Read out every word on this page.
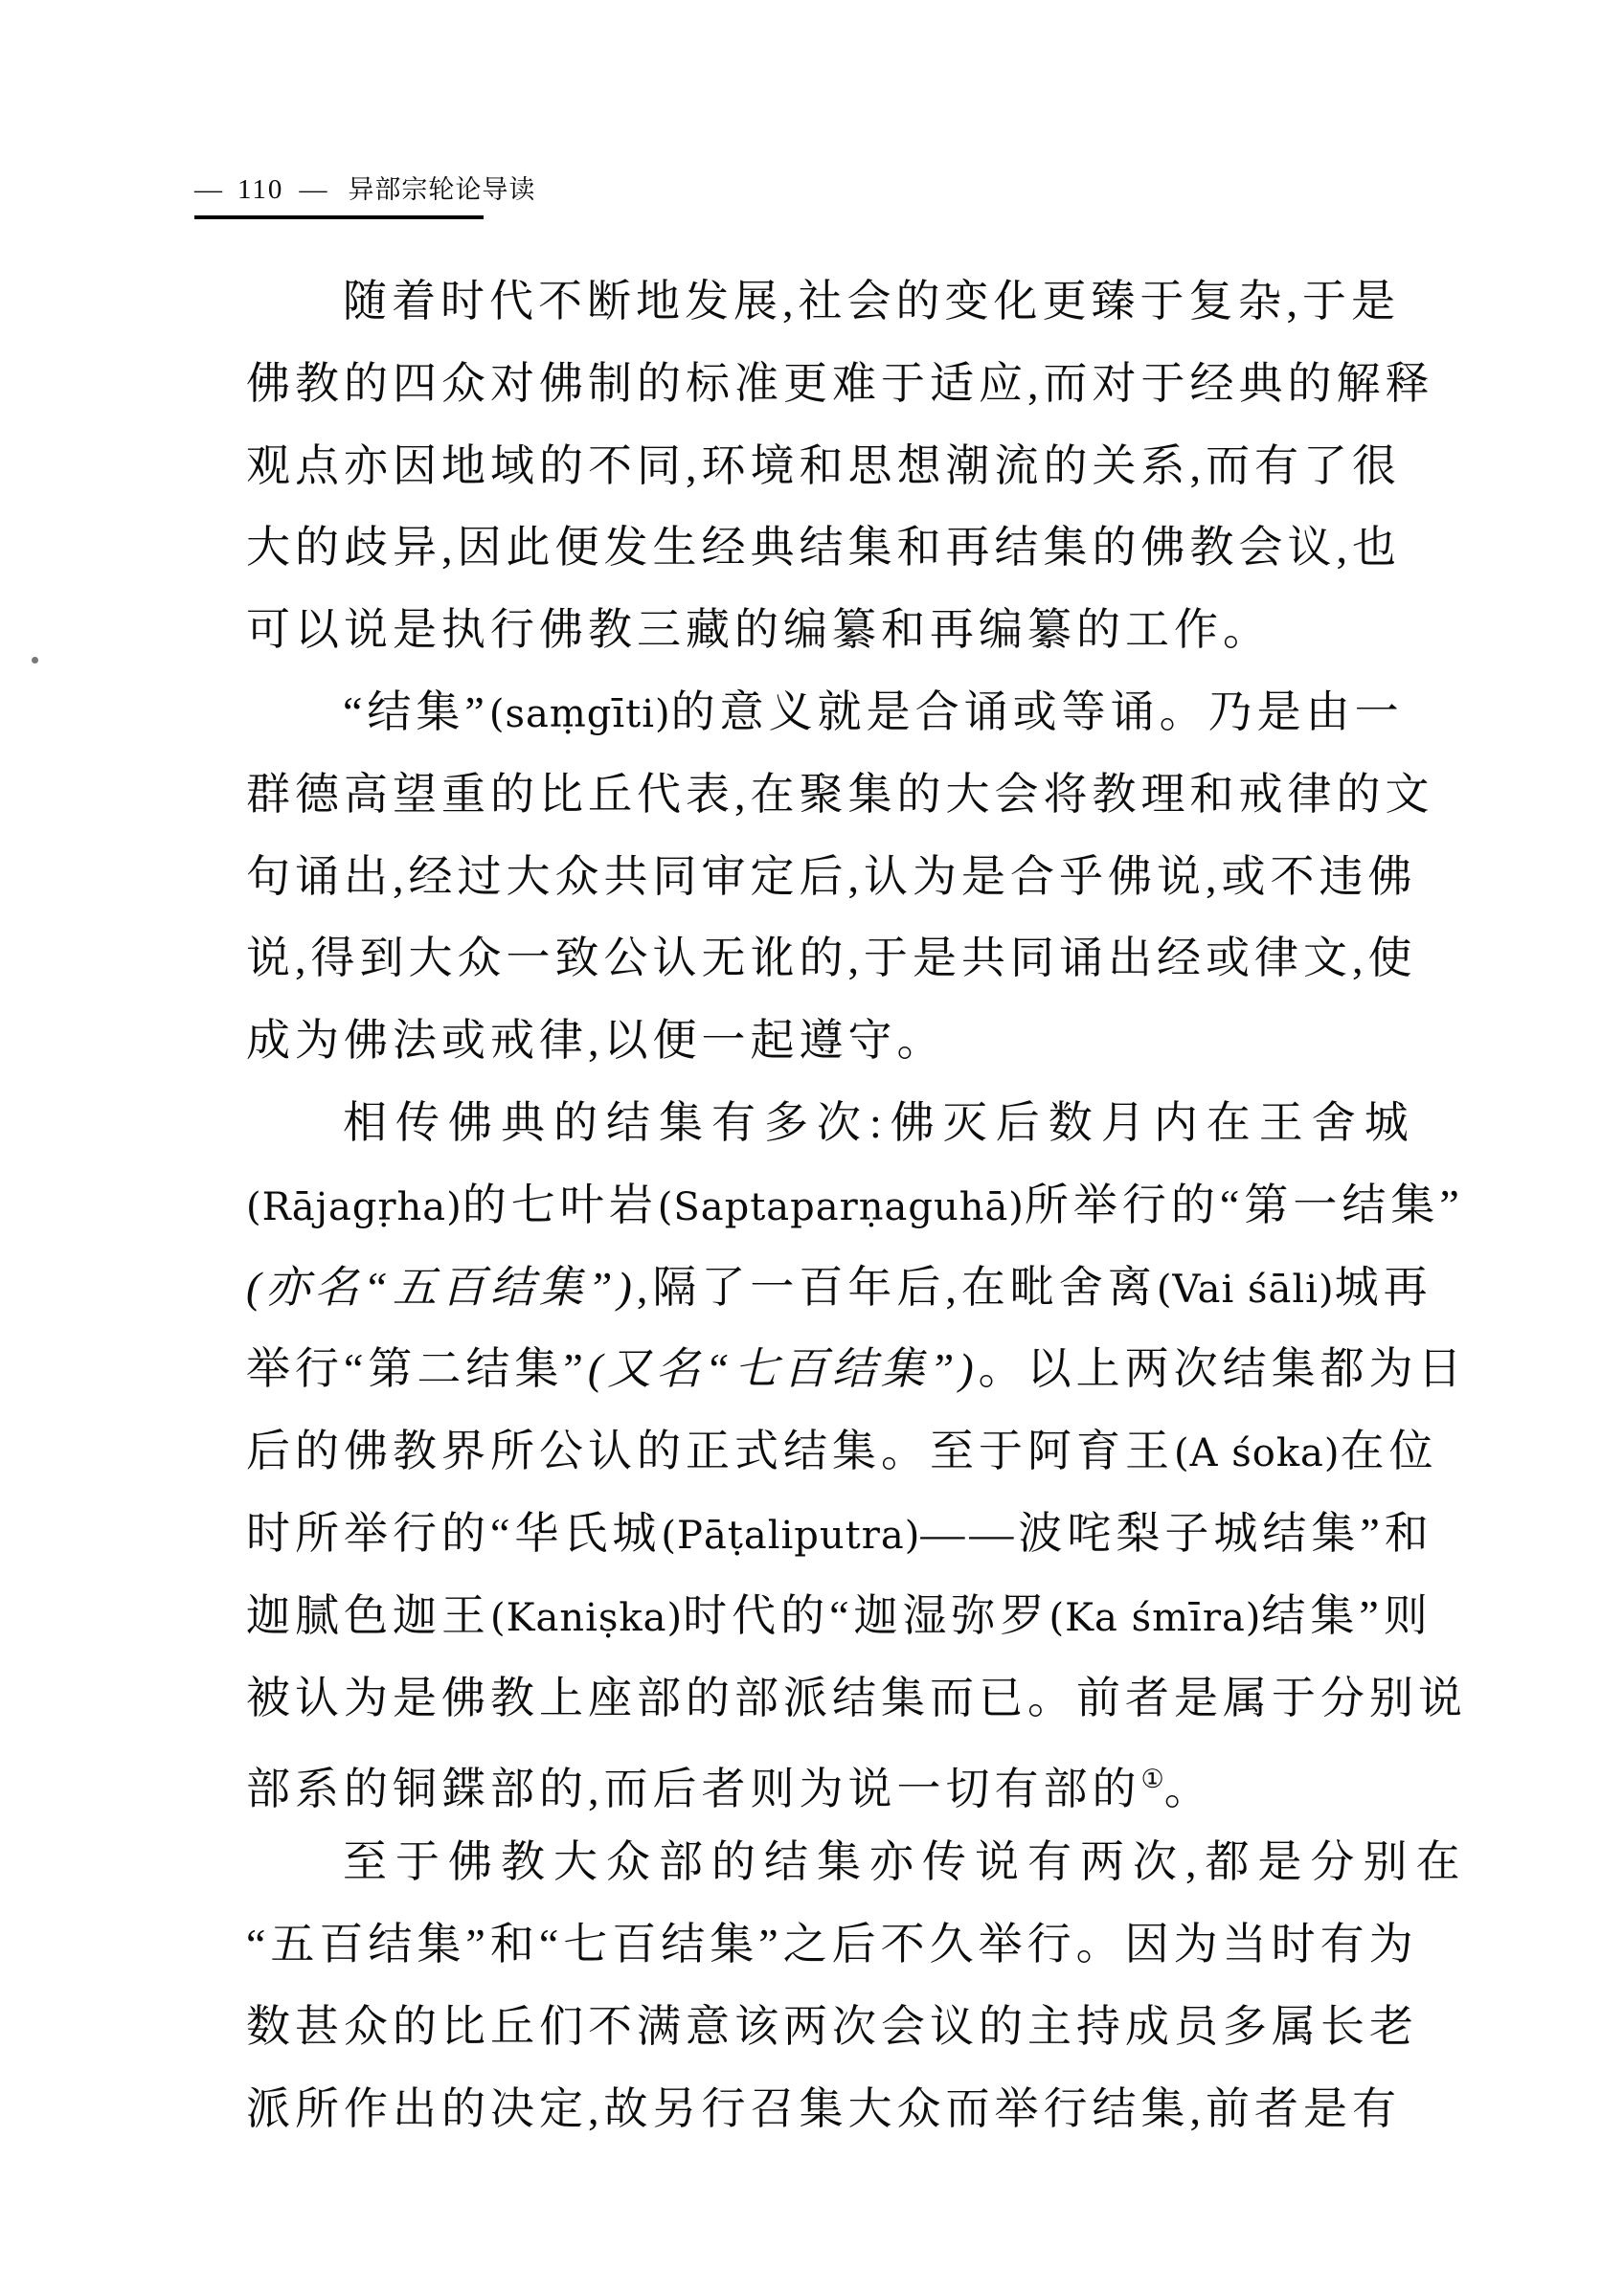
— 110 — 异部宗轮论导读
随着时代不断地发展,社会的变化更臻于复杂,于是
佛教的四众对佛制的标准更难于适应,而对于经典的解释
观点亦因地域的不同,环境和思想潮流的关系,而有了很
大的歧异,因此便发生经典结集和再结集的佛教会议,也
可以说是执行佛教三藏的编纂和再编纂的工作。
“结集”(saṃgīti)的意义就是合诵或等诵。乃是由一
群德高望重的比丘代表,在聚集的大会将教理和戒律的文
句诵出,经过大众共同审定后,认为是合乎佛说,或不违佛
说,得到大众一致公认无讹的,于是共同诵出经或律文,使
成为佛法或戒律,以便一起遵守。
相传佛典的结集有多次:佛灭后数月内在王舍城
(Rājagṛha)的七叶岩(Saptaparṇaguhā)所举行的“第一结集”
(亦名“五百结集”),隔了一百年后,在毗舍离(Vai śāli)城再
举行“第二结集”(又名“七百结集”)。以上两次结集都为日
后的佛教界所公认的正式结集。至于阿育王(A śoka)在位
时所举行的“华氏城(Pāṭaliputra)——波咤梨子城结集”和
迦腻色迦王(Kaniṣka)时代的“迦湿弥罗(Ka śmīra)结集”则
被认为是佛教上座部的部派结集而已。前者是属于分别说
部系的铜鍱部的,而后者则为说一切有部的①。
至于佛教大众部的结集亦传说有两次,都是分别在
“五百结集”和“七百结集”之后不久举行。因为当时有为
数甚众的比丘们不满意该两次会议的主持成员多属长老
派所作出的决定,故另行召集大众而举行结集,前者是有
